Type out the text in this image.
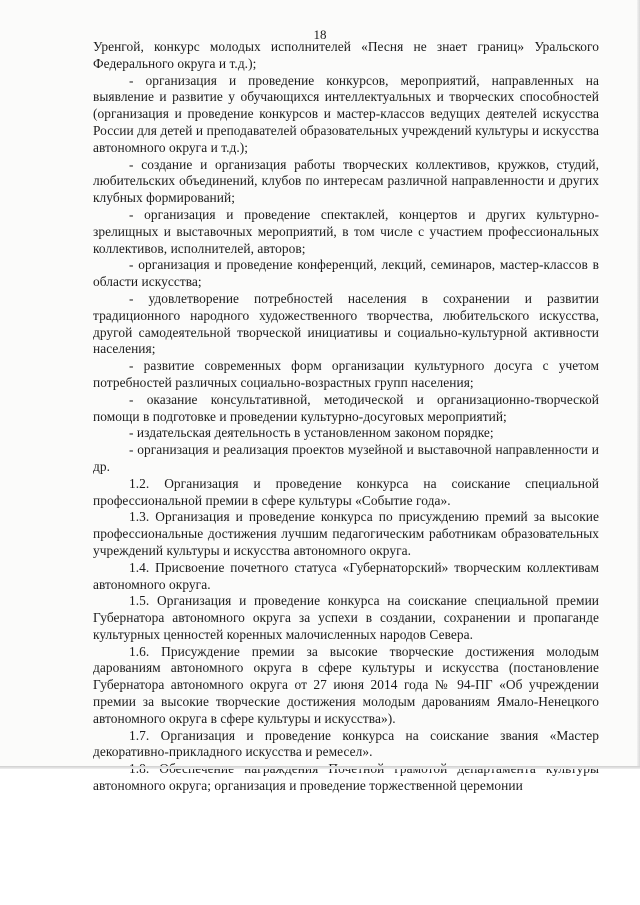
18

Уренгой, конкурс молодых исполнителей «Песня не знает границ» Уральского Федерального округа и т.д.);

- организация и проведение конкурсов, мероприятий, направленных на выявление и развитие у обучающихся интеллектуальных и творческих способностей (организация и проведение конкурсов и мастер-классов ведущих деятелей искусства России для детей и преподавателей образовательных учреждений культуры и искусства автономного округа и т.д.);

- создание и организация работы творческих коллективов, кружков, студий, любительских объединений, клубов по интересам различной направленности и других клубных формирований;

- организация и проведение спектаклей, концертов и других культурно-зрелищных и выставочных мероприятий, в том числе с участием профессиональных коллективов, исполнителей, авторов;

- организация и проведение конференций, лекций, семинаров, мастер-классов в области искусства;

- удовлетворение потребностей населения в сохранении и развитии традиционного народного художественного творчества, любительского искусства, другой самодеятельной творческой инициативы и социально-культурной активности населения;

- развитие современных форм организации культурного досуга с учетом потребностей различных социально-возрастных групп населения;

- оказание консультативной, методической и организационно-творческой помощи в подготовке и проведении культурно-досуговых мероприятий;

- издательская деятельность в установленном законом порядке;

- организация и реализация проектов музейной и выставочной направленности и др.

1.2. Организация и проведение конкурса на соискание специальной профессиональной премии в сфере культуры «Событие года».

1.3. Организация и проведение конкурса по присуждению премий за высокие профессиональные достижения лучшим педагогическим работникам образовательных учреждений культуры и искусства автономного округа.

1.4. Присвоение почетного статуса «Губернаторский» творческим коллективам автономного округа.

1.5. Организация и проведение конкурса на соискание специальной премии Губернатора автономного округа за успехи в создании, сохранении и пропаганде культурных ценностей коренных малочисленных народов Севера.

1.6. Присуждение премии за высокие творческие достижения молодым дарованиям автономного округа в сфере культуры и искусства (постановление Губернатора автономного округа от 27 июня 2014 года № 94-ПГ «Об учреждении премии за высокие творческие достижения молодым дарованиям Ямало-Ненецкого автономного округа в сфере культуры и искусства»).

1.7. Организация и проведение конкурса на соискание звания «Мастер декоративно-прикладного искусства и ремесел».

автономного округа; организация и проведение торжественной церемонии
